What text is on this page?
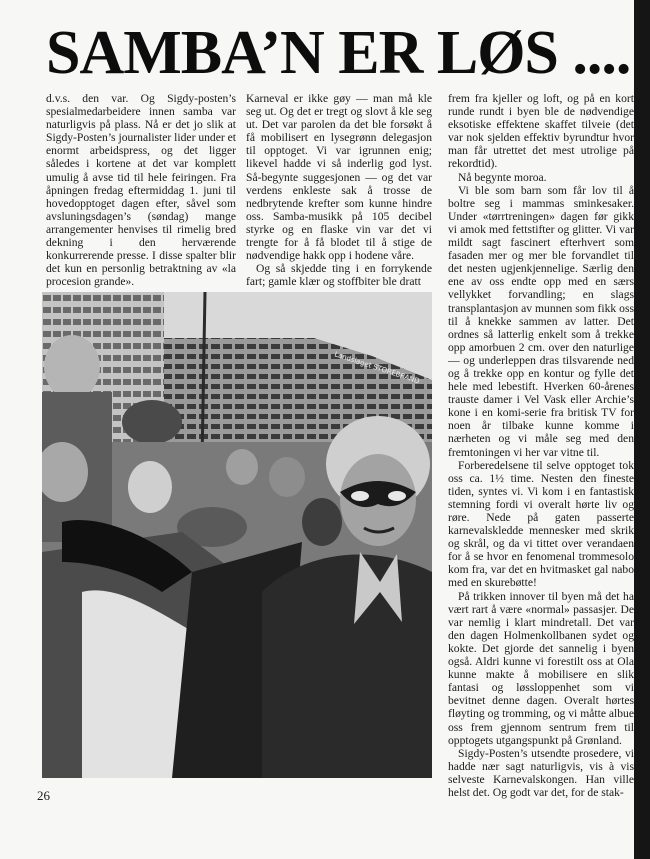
SAMBA’N ER LØS ....

d.v.s. den var. Og Sigdy-posten’s spesialmedarbeidere innen samba var naturligvis på plass. Nå er det jo slik at Sigdy-Posten’s journalister lider under et enormt arbeidspress, og det ligger således i kortene at det var komplett umulig å avse tid til hele feiringen. Fra åpningen fredag eftermiddag 1. juni til hovedopptoget dagen efter, såvel som avsluningsdagen’s (søndag) mange arrangementer henvises til rimelig bred dekning i den herværende konkurrerende presse. I disse spalter blir det kun en personlig betraktning av «la procesion grande».

Karneval er ikke gøy — man må kle seg ut. Og det er tregt og slovt å kle seg ut. Det var parolen da det ble forsøkt å få mobilisert en lysegrønn delegasjon til opptoget. Vi var igrunnen enig; likevel hadde vi så inderlig god lyst. Så-begynte suggesjonen — og det var verdens enkleste sak å trosse de nedbrytende krefter som kunne hindre oss. Samba-musikk på 105 decibel styrke og en flaske vin var det vi trengte for å få blodet til å stige de nødvendige hakk opp i hodene våre.

Og så skjedde ting i en forrykende fart; gamle klær og stoffbiter ble dratt

frem fra kjeller og loft, og på en kort runde rundt i byen ble de nødvendige eksotiske effektene skaffet tilveie (det var nok sjelden effektiv byrundtur hvor man får utrettet det mest utrolige på rekordtid).

Nå begynte moroa.

Vi ble som barn som får lov til å boltre seg i mammas sminkesaker. Under «tørrtreningen» dagen før gikk vi amok med fettstifter og glitter. Vi var mildt sagt fascinert efterhvert som fasaden mer og mer ble forvandlet til det nesten ugjenkjennelige. Særlig den ene av oss endte opp med en særs vellykket forvandling; en slags transplantasjon av munnen som fikk oss til å knekke sammen av latter. Det ordnes så latterlig enkelt som å trekke opp amorbuen 2 cm. over den naturlige — og underleppen dras tilsvarende ned og å trekke opp en kontur og fylle det hele med lebestift. Hverken 60-årenes trauste damer i Vel Vask eller Archie’s kone i en komi-serie fra britisk TV for noen år tilbake kunne komme i nærheten og vi måle seg med den fremtoningen vi her var vitne til.

Forberedelsene til selve opptoget tok oss ca. 1½ time. Nesten den fineste tiden, syntes vi. Vi kom i en fantastisk stemning fordi vi overalt hørte liv og røre. Nede på gaten passerte karnevalskledde mennesker med skrik og skrål, og da vi tittet over verandaen for å se hvor en fenomenal trommesolo kom fra, var det en hvitmasket gal nabo med en skurebøtte!

På trikken innover til byen må det ha vært rart å være «normal» passasjer. De var nemlig i klart mindretall. Det var den dagen Holmenkollbanen sydet og kokte. Det gjorde det sannelig i byen også. Aldri kunne vi forestilt oss at Ola kunne makte å mobilisere en slik fantasi og løssloppenhet som vi bevitnet denne dagen. Overalt hørtes fløyting og tromming, og vi måtte albue oss frem gjennom sentrum frem til opptogets utgangspunkt på Grønland.

Sigdy-Posten’s utsendte prosedere, vi hadde nær sagt naturligvis, vis à vis selveste Karnevalskongen. Han ville helst det. Og godt var det, for de stak-

Landslaget STOREBRAND
26
